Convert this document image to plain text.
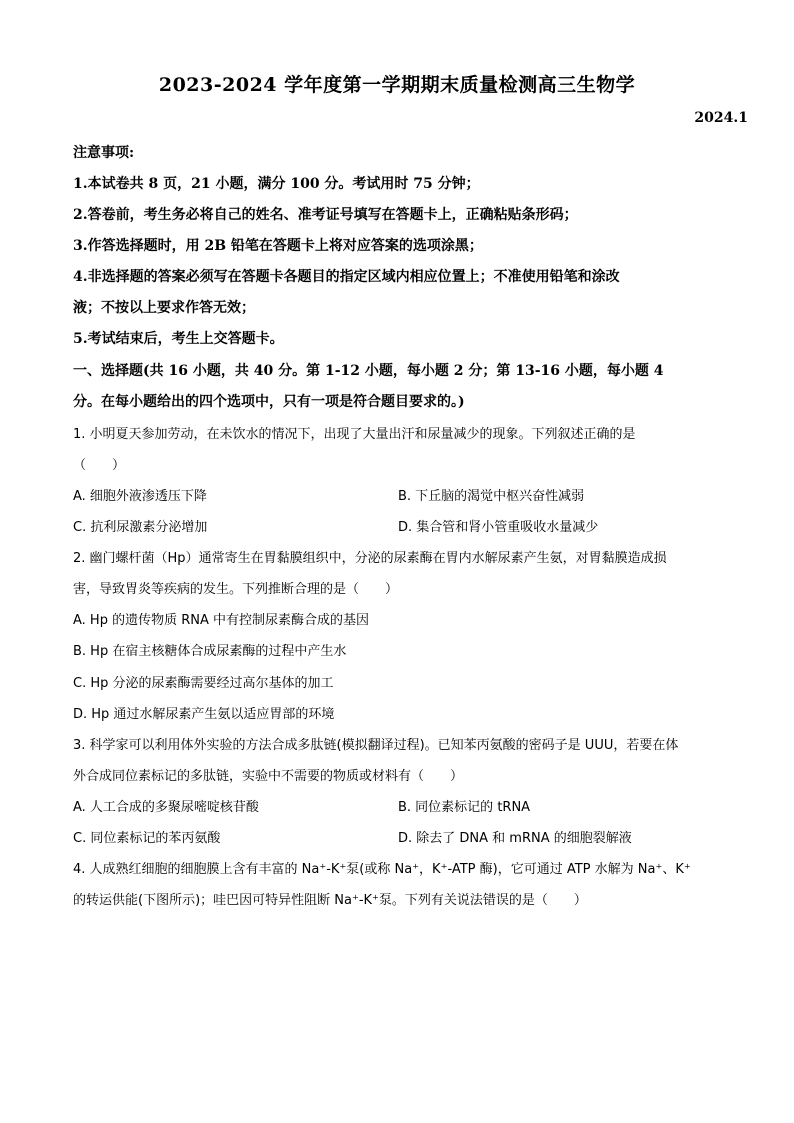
2023-2024 学年度第一学期期末质量检测高三生物学
2024.1
注意事项:
1.本试卷共 8 页，21 小题，满分 100 分。考试用时 75 分钟；
2.答卷前，考生务必将自己的姓名、准考证号填写在答题卡上，正确粘贴条形码；
3.作答选择题时，用 2B 铅笔在答题卡上将对应答案的选项涂黑；
4.非选择题的答案必须写在答题卡各题目的指定区域内相应位置上；不准使用铅笔和涂改
液；不按以上要求作答无效；
5.考试结束后，考生上交答题卡。
一、选择题(共 16 小题，共 40 分。第 1-12 小题，每小题 2 分；第 13-16 小题，每小题 4
分。在每小题给出的四个选项中，只有一项是符合题目要求的。)
1. 小明夏天参加劳动，在未饮水的情况下，出现了大量出汗和尿量减少的现象。下列叙述正确的是
（　　）
A. 细胞外液渗透压下降	B. 下丘脑的渴觉中枢兴奋性减弱
C. 抗利尿激素分泌增加	D. 集合管和肾小管重吸收水量减少
2. 幽门螺杆菌（Hp）通常寄生在胃黏膜组织中，分泌的尿素酶在胃内水解尿素产生氨，对胃黏膜造成损
害，导致胃炎等疾病的发生。下列推断合理的是（　　）
A. Hp 的遗传物质 RNA 中有控制尿素酶合成的基因
B. Hp 在宿主核糖体合成尿素酶的过程中产生水
C. Hp 分泌的尿素酶需要经过高尔基体的加工
D. Hp 通过水解尿素产生氨以适应胃部的环境
3. 科学家可以利用体外实验的方法合成多肽链(模拟翻译过程)。已知苯丙氨酸的密码子是 UUU，若要在体
外合成同位素标记的多肽链，实验中不需要的物质或材料有（　　）
A. 人工合成的多聚尿嘧啶核苷酸	B. 同位素标记的 tRNA
C. 同位素标记的苯丙氨酸	D. 除去了 DNA 和 mRNA 的细胞裂解液
4. 人成熟红细胞的细胞膜上含有丰富的 Na⁺-K⁺泵(或称 Na⁺，K⁺-ATP 酶)，它可通过 ATP 水解为 Na⁺、K⁺
的转运供能(下图所示)；哇巴因可特异性阻断 Na⁺-K⁺泵。下列有关说法错误的是（　　）
